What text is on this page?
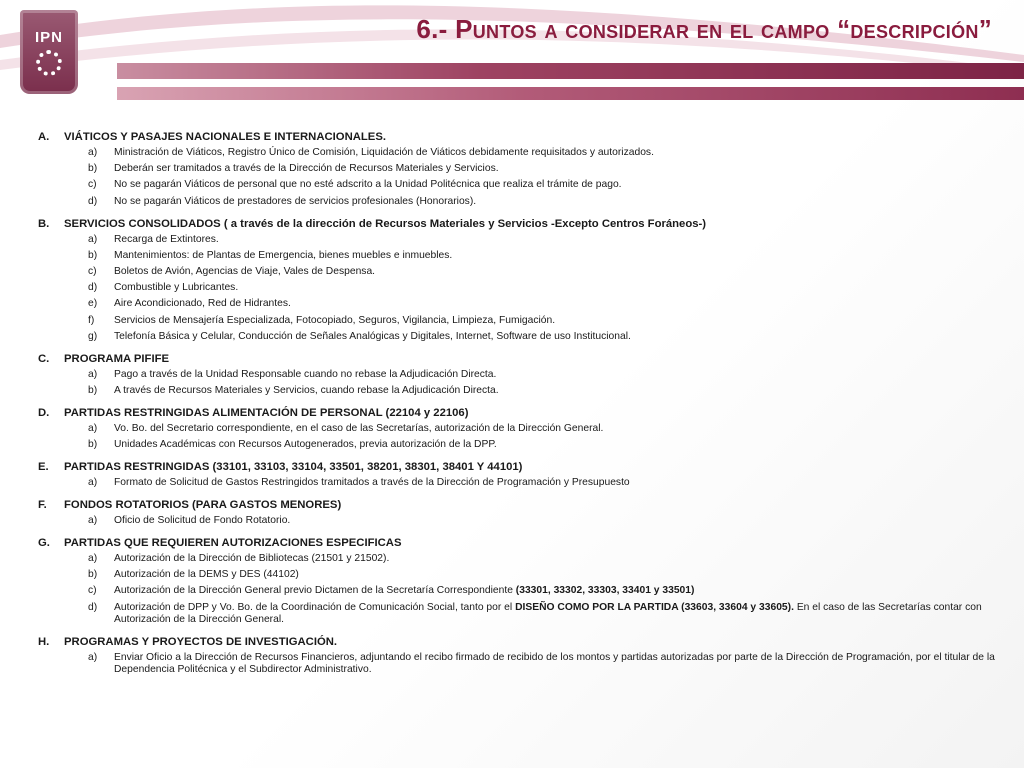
IPN	6.- Puntos a considerar en el campo “descripción”
A.	VIÁTICOS Y PASAJES NACIONALES E INTERNACIONALES.
a)	Ministración de Viáticos, Registro Único de Comisión, Liquidación de Viáticos debidamente requisitados y autorizados.
b)	Deberán ser tramitados a través de la Dirección de Recursos Materiales y Servicios.
c)	No se pagarán Viáticos de personal que no esté adscrito a la Unidad Politécnica que realiza el trámite de pago.
d)	No se pagarán Viáticos de prestadores de servicios profesionales (Honorarios).
B.	SERVICIOS CONSOLIDADOS ( a través de la dirección de Recursos Materiales y Servicios -Excepto Centros Foráneos-)
a)	Recarga de Extintores.
b)	Mantenimientos: de Plantas de Emergencia, bienes muebles e inmuebles.
c)	Boletos de Avión, Agencias de Viaje, Vales de Despensa.
d)	Combustible y Lubricantes.
e)	Aire Acondicionado, Red de Hidrantes.
f)	Servicios de Mensajería Especializada, Fotocopiado, Seguros, Vigilancia, Limpieza, Fumigación.
g)	Telefonía Básica y Celular, Conducción de Señales Analógicas y Digitales, Internet, Software de uso Institucional.
C.	PROGRAMA PIFIFE
a)	Pago a través de la Unidad Responsable cuando no rebase la Adjudicación Directa.
b)	A través de Recursos Materiales y Servicios, cuando rebase la Adjudicación Directa.
D.	PARTIDAS RESTRINGIDAS ALIMENTACIÓN DE PERSONAL (22104 y 22106)
a)	Vo. Bo. del Secretario correspondiente, en el caso de las Secretarías, autorización de la Dirección General.
b)	Unidades Académicas con Recursos Autogenerados, previa autorización de la DPP.
E.	PARTIDAS RESTRINGIDAS (33101, 33103, 33104, 33501, 38201, 38301, 38401 Y 44101)
a)	Formato de Solicitud de Gastos Restringidos tramitados a través de la Dirección de Programación y Presupuesto
F.	FONDOS ROTATORIOS (PARA GASTOS MENORES)
a)	Oficio de Solicitud de Fondo Rotatorio.
G.	PARTIDAS QUE REQUIEREN AUTORIZACIONES ESPECIFICAS
a)	Autorización de la Dirección de Bibliotecas (21501 y 21502).
b)	Autorización de la DEMS y DES (44102)
c)	Autorización de la Dirección General previo Dictamen de la Secretaría Correspondiente (33301, 33302, 33303, 33401 y 33501)
d)	Autorización de DPP y Vo. Bo. de la Coordinación de Comunicación Social, tanto por el DISEÑO COMO POR LA PARTIDA (33603, 33604 y 33605). En el caso de las Secretarías contar con Autorización de la Dirección General.
H.	PROGRAMAS Y PROYECTOS DE INVESTIGACIÓN.
a)	Enviar Oficio a la Dirección de Recursos Financieros, adjuntando el recibo firmado de recibido de los montos y partidas autorizadas por parte de la Dirección de Programación, por el titular de la Dependencia Politécnica y el Subdirector Administrativo.
